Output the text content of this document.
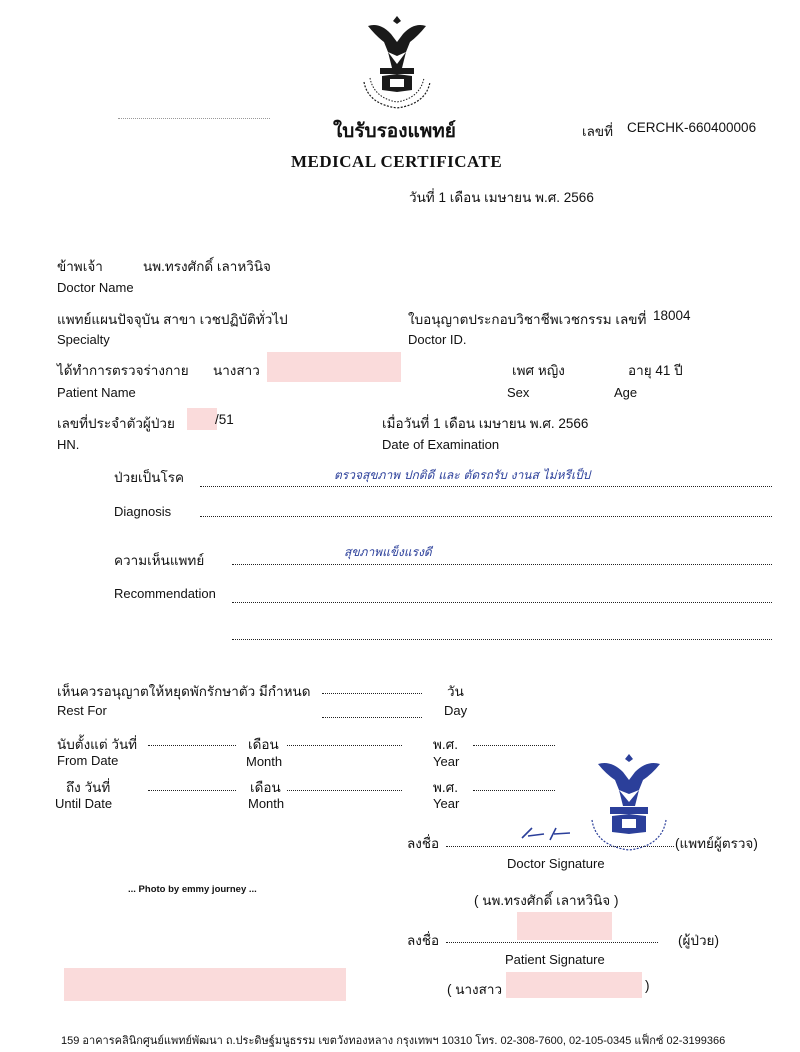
ใบรับรองแพทย์	เลขที่ CERCHK-660400006
MEDICAL CERTIFICATE
วันที่ 1 เดือน เมษายน พ.ศ. 2566
ข้าพเจ้า	นพ.ทรงศักดิ์ เลาหวินิจ
Doctor Name
แพทย์แผนปัจจุบัน สาขา เวชปฏิบัติทั่วไป	ใบอนุญาตประกอบวิชาชีพเวชกรรม เลขที่ 18004
Specialty	Doctor ID.
ได้ทำการตรวจร่างกาย นางสาว	เพศ หญิง	อายุ 41 ปี
Patient Name	Sex	Age
เลขที่ประจำตัวผู้ป่วย	/51	เมื่อวันที่ 1 เดือน เมษายน พ.ศ. 2566
HN.	Date of Examination
ป่วยเป็นโรค	ตรวจสุขภาพ ปกติดี และ ตัดรถรับ งานส ไม่หรีเป็ป
Diagnosis
ความเห็นแพทย์
สุขภาพแข็งแรงดี
Recommendation
เห็นควรอนุญาตให้หยุดพักรักษาตัว มีกำหนด	วัน
Rest For	Day
นับตั้งแต่ วันที่	เดือน	พ.ศ.
From Date	Month	Year
ถึง วันที่	เดือน	พ.ศ.
Until Date	Month	Year
ลงชื่อ	(แพทย์ผู้ตรวจ)
Doctor Signature
... Photo by emmy journey ...
( นพ.ทรงศักดิ์ เลาหวินิจ )
ลงชื่อ	(ผู้ป่วย)
Patient Signature
( นางสาว	)
159 อาคารคลินิกศูนย์แพทย์พัฒนา ถ.ประดิษฐ์มนูธรรม เขตวังทองหลาง กรุงเทพฯ 10310 โทร. 02-308-7600, 02-105-0345 แฟ็กซ์ 02-3199366
